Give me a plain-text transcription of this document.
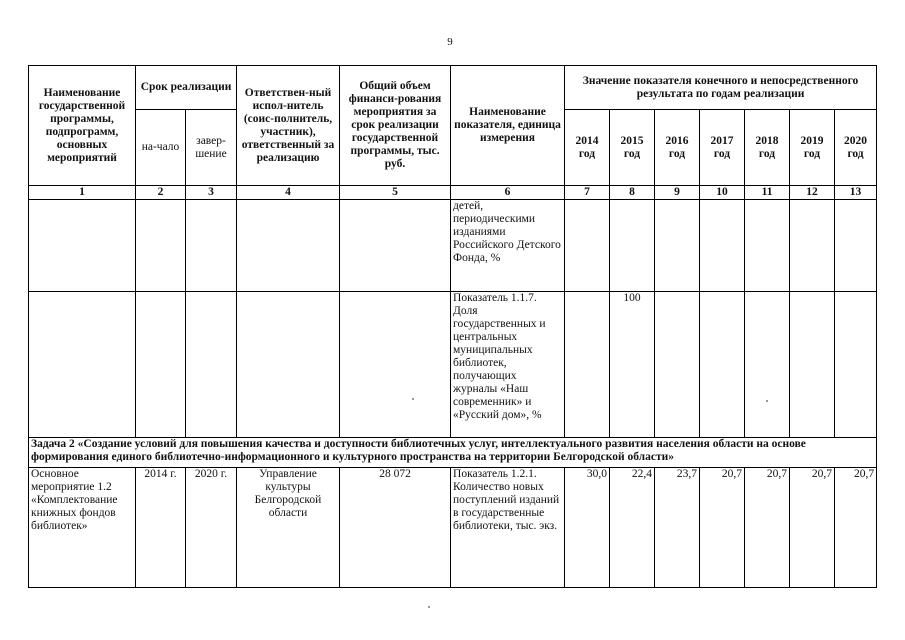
9
Наименование государственной программы, подпрограмм, основных мероприятий	Срок реализации		Ответствен-ный испол-нитель (соис-полнитель, участник), ответственный за реализацию	Общий объем финанси-рования мероприятия за срок реализации государственной программы, тыс. руб.	Наименование показателя, единица измерения	Значение показателя конечного и непосредственного результата по годам реализации						
	на-чало	завер-шение				2014 год	2015 год	2016 год	2017 год	2018 год	2019 год	2020 год
1	2	3	4	5	6	7	8	9	10	11	12	13
					детей, периодическими изданиями Российского Детского Фонда, %							
					Показатель 1.1.7. Доля государственных и центральных муниципальных библиотек, получающих журналы «Наш современник» и «Русский дом», %		100					
Задача 2 «Создание условий для повышения качества и доступности библиотечных услуг, интеллектуального развития населения области на основе формирования единого библиотечно-информационного и культурного пространства на территории Белгородской области»												
Основное мероприятие 1.2 «Комплектование книжных фондов библиотек»	2014 г.	2020 г.	Управление культуры Белгородской области	28 072	Показатель 1.2.1. Количество новых поступлений изданий в государственные библиотеки, тыс. экз.	30,0	22,4	23,7	20,7	20,7	20,7	20,7
